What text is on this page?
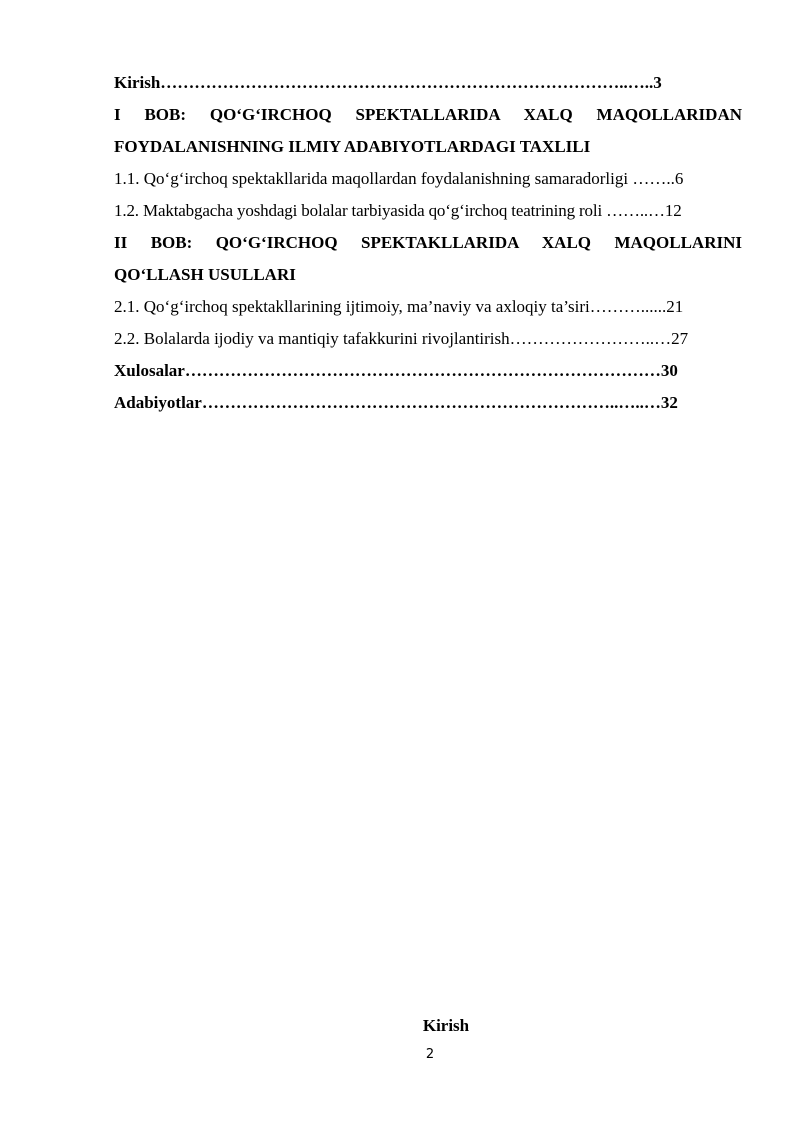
Kirish………………………………………………………………………..…..3
I BOB: QO‘G‘IRCHOQ SPEKTALLARIDA XALQ MAQOLLARIDAN
FOYDALANISHNING ILMIY ADABIYOTLARDAGI TAXLILI
1.1. Qo‘g‘irchoq spektakllarida maqollardan foydalanishning samaradorligi ……..6
1.2. Maktabgacha yoshdagi bolalar tarbiyasida qo‘g‘irchoq teatrining roli ……..…12
II BOB: QO‘G‘IRCHOQ SPEKTAKLLARIDA XALQ MAQOLLARINI
QO‘LLASH USULLARI
2.1. Qo‘g‘irchoq spektakllarining ijtimoiy, ma’naviy va axloqiy ta’siri………......21
2.2. Bolalarda ijodiy va mantiqiy tafakkurini rivojlantirish……………………..…27
Xulosalar…………………………………………………………………………30
Adabiyotlar………………………………………………………………..…..…32
Kirish
2
